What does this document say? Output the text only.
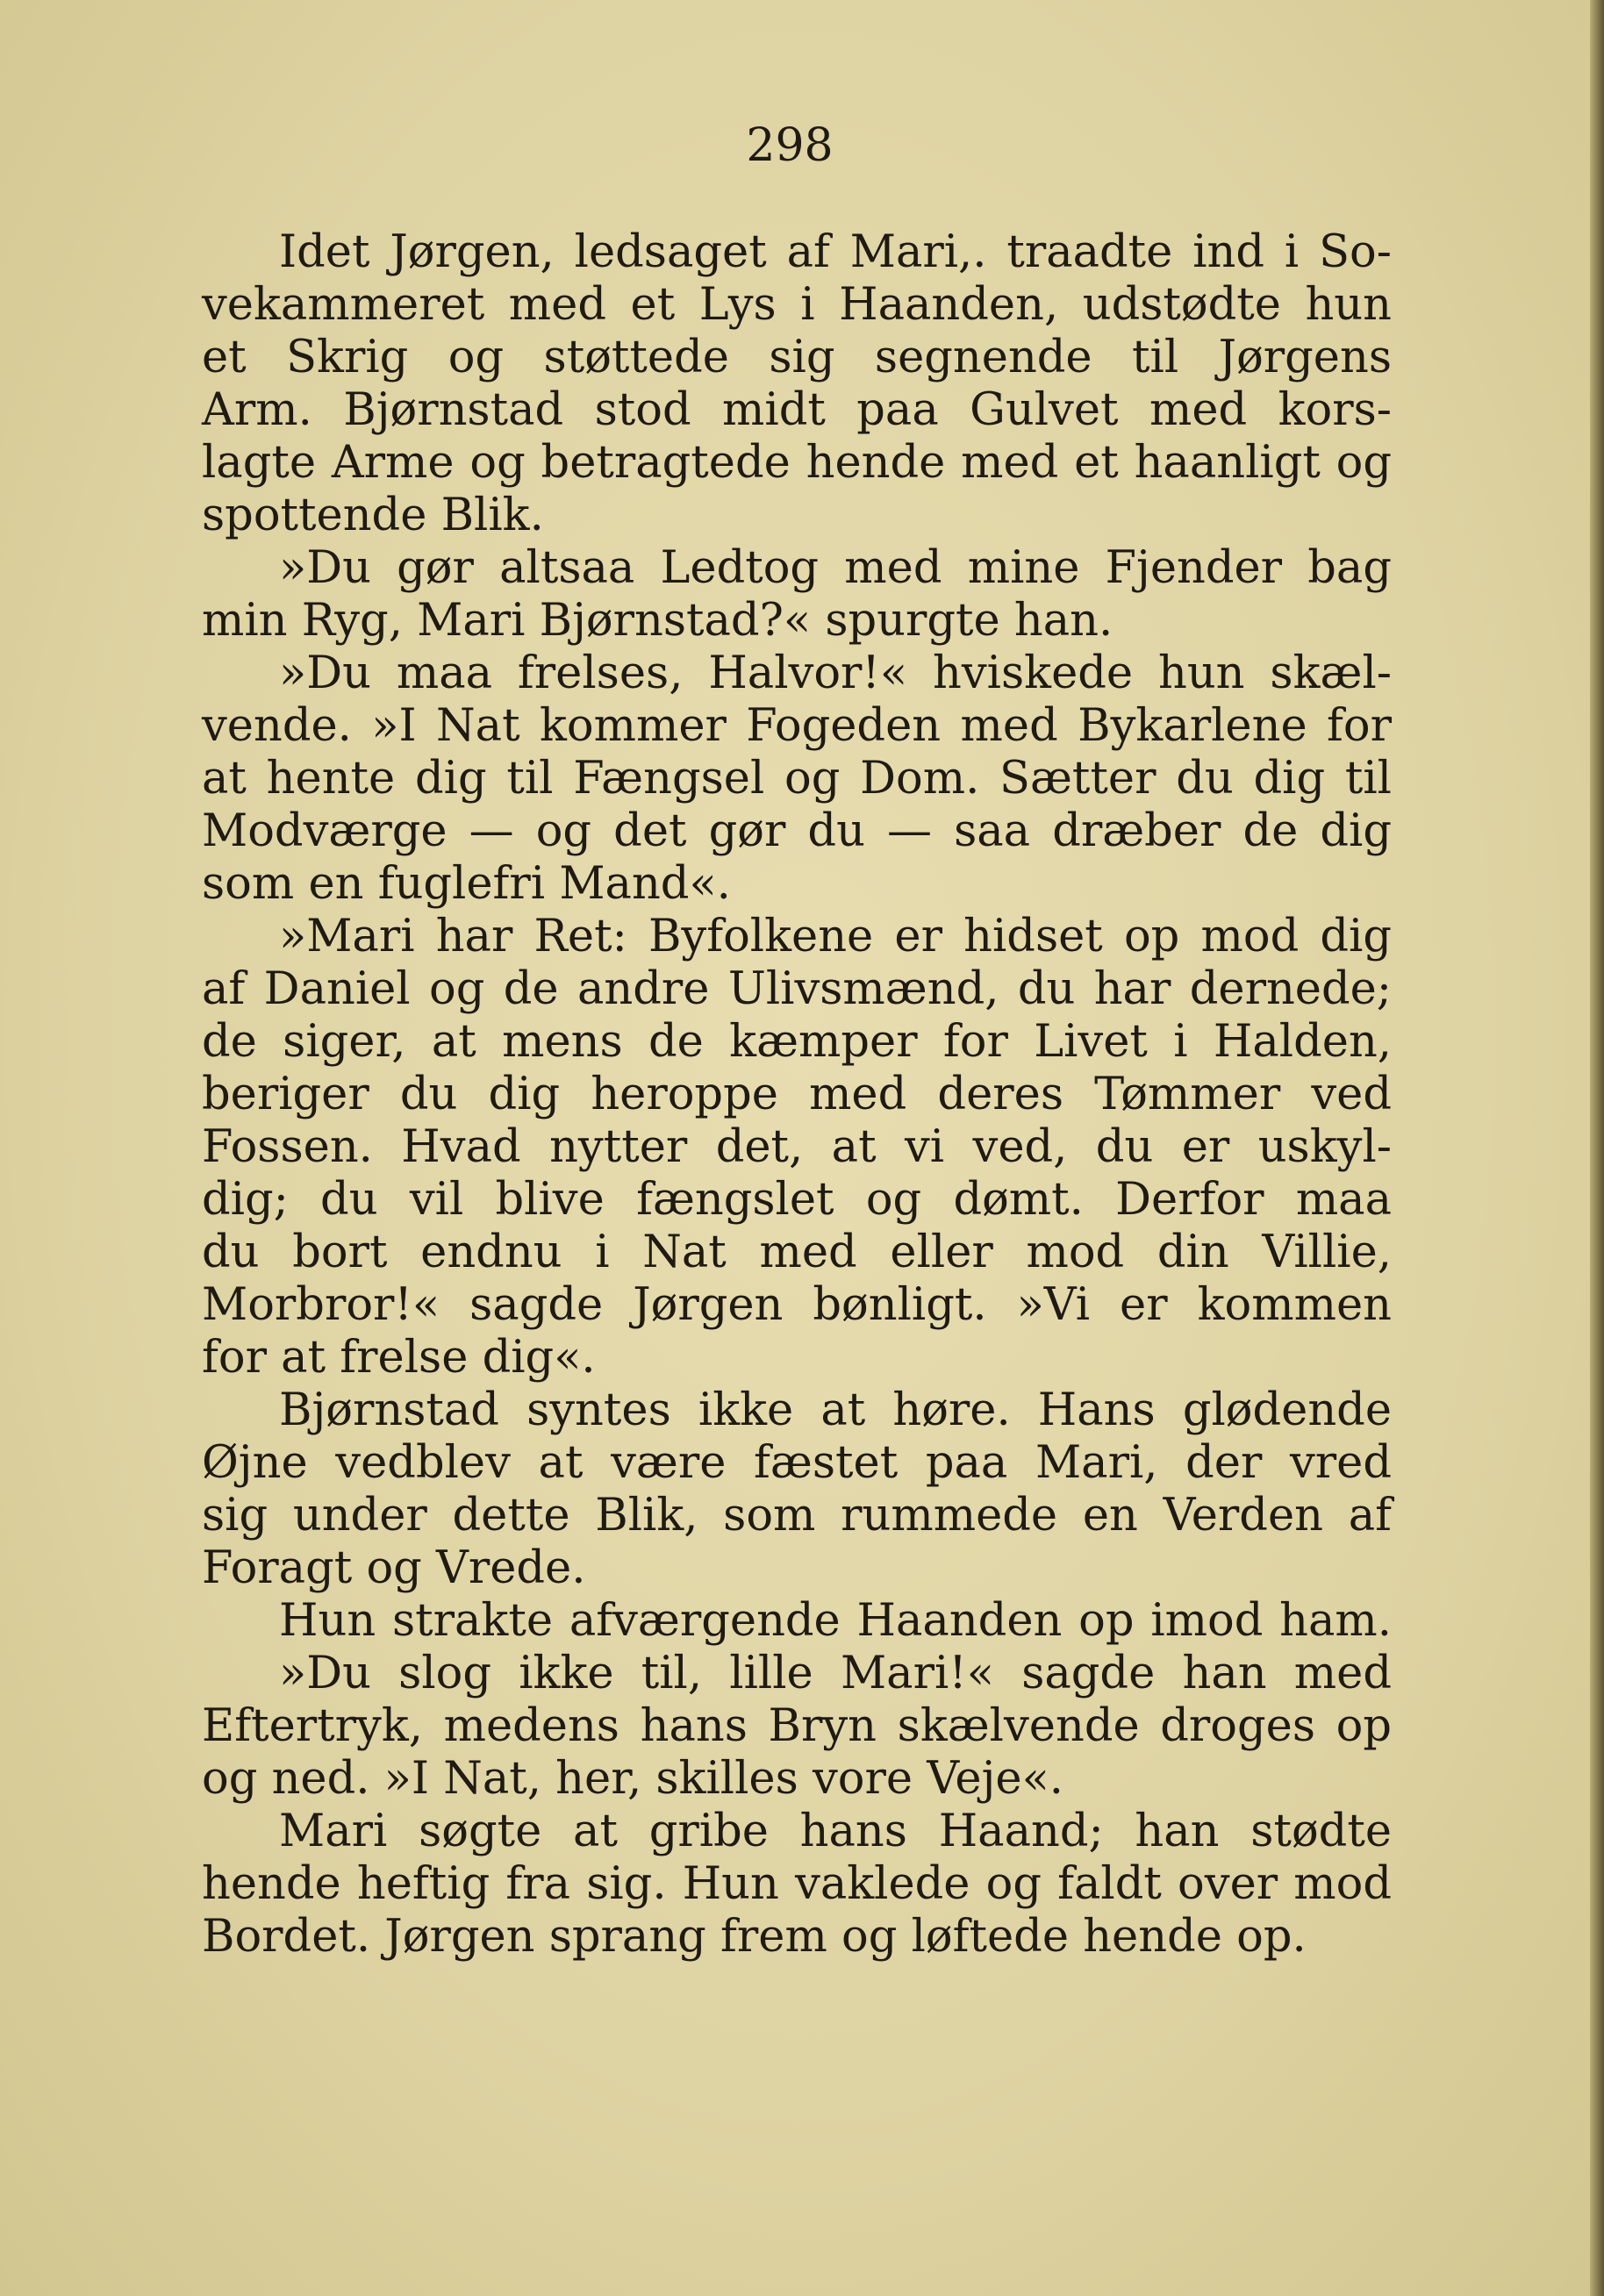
298

Idet Jørgen, ledsaget af Mari,. traadte ind i So-
vekammeret med et Lys i Haanden, udstødte hun
et Skrig og støttede sig segnende til Jørgens
Arm. Bjørnstad stod midt paa Gulvet med kors-
lagte Arme og betragtede hende med et haanligt og
spottende Blik.
»Du gør altsaa Ledtog med mine Fjender bag
min Ryg, Mari Bjørnstad?« spurgte han.
»Du maa frelses, Halvor!« hviskede hun skæl-
vende. »I Nat kommer Fogeden med Bykarlene for
at hente dig til Fængsel og Dom. Sætter du dig til
Modværge — og det gør du — saa dræber de dig
som en fuglefri Mand«.
»Mari har Ret: Byfolkene er hidset op mod dig
af Daniel og de andre Ulivsmænd, du har dernede;
de siger, at mens de kæmper for Livet i Halden,
beriger du dig heroppe med deres Tømmer ved
Fossen. Hvad nytter det, at vi ved, du er uskyl-
dig; du vil blive fængslet og dømt. Derfor maa
du bort endnu i Nat med eller mod din Villie,
Morbror!« sagde Jørgen bønligt. »Vi er kommen
for at frelse dig«.
Bjørnstad syntes ikke at høre. Hans glødende
Øjne vedblev at være fæstet paa Mari, der vred
sig under dette Blik, som rummede en Verden af
Foragt og Vrede.
Hun strakte afværgende Haanden op imod ham.
»Du slog ikke til, lille Mari!« sagde han med
Eftertryk, medens hans Bryn skælvende droges op
og ned. »I Nat, her, skilles vore Veje«.
Mari søgte at gribe hans Haand; han stødte
hende heftig fra sig. Hun vaklede og faldt over mod
Bordet. Jørgen sprang frem og løftede hende op.
